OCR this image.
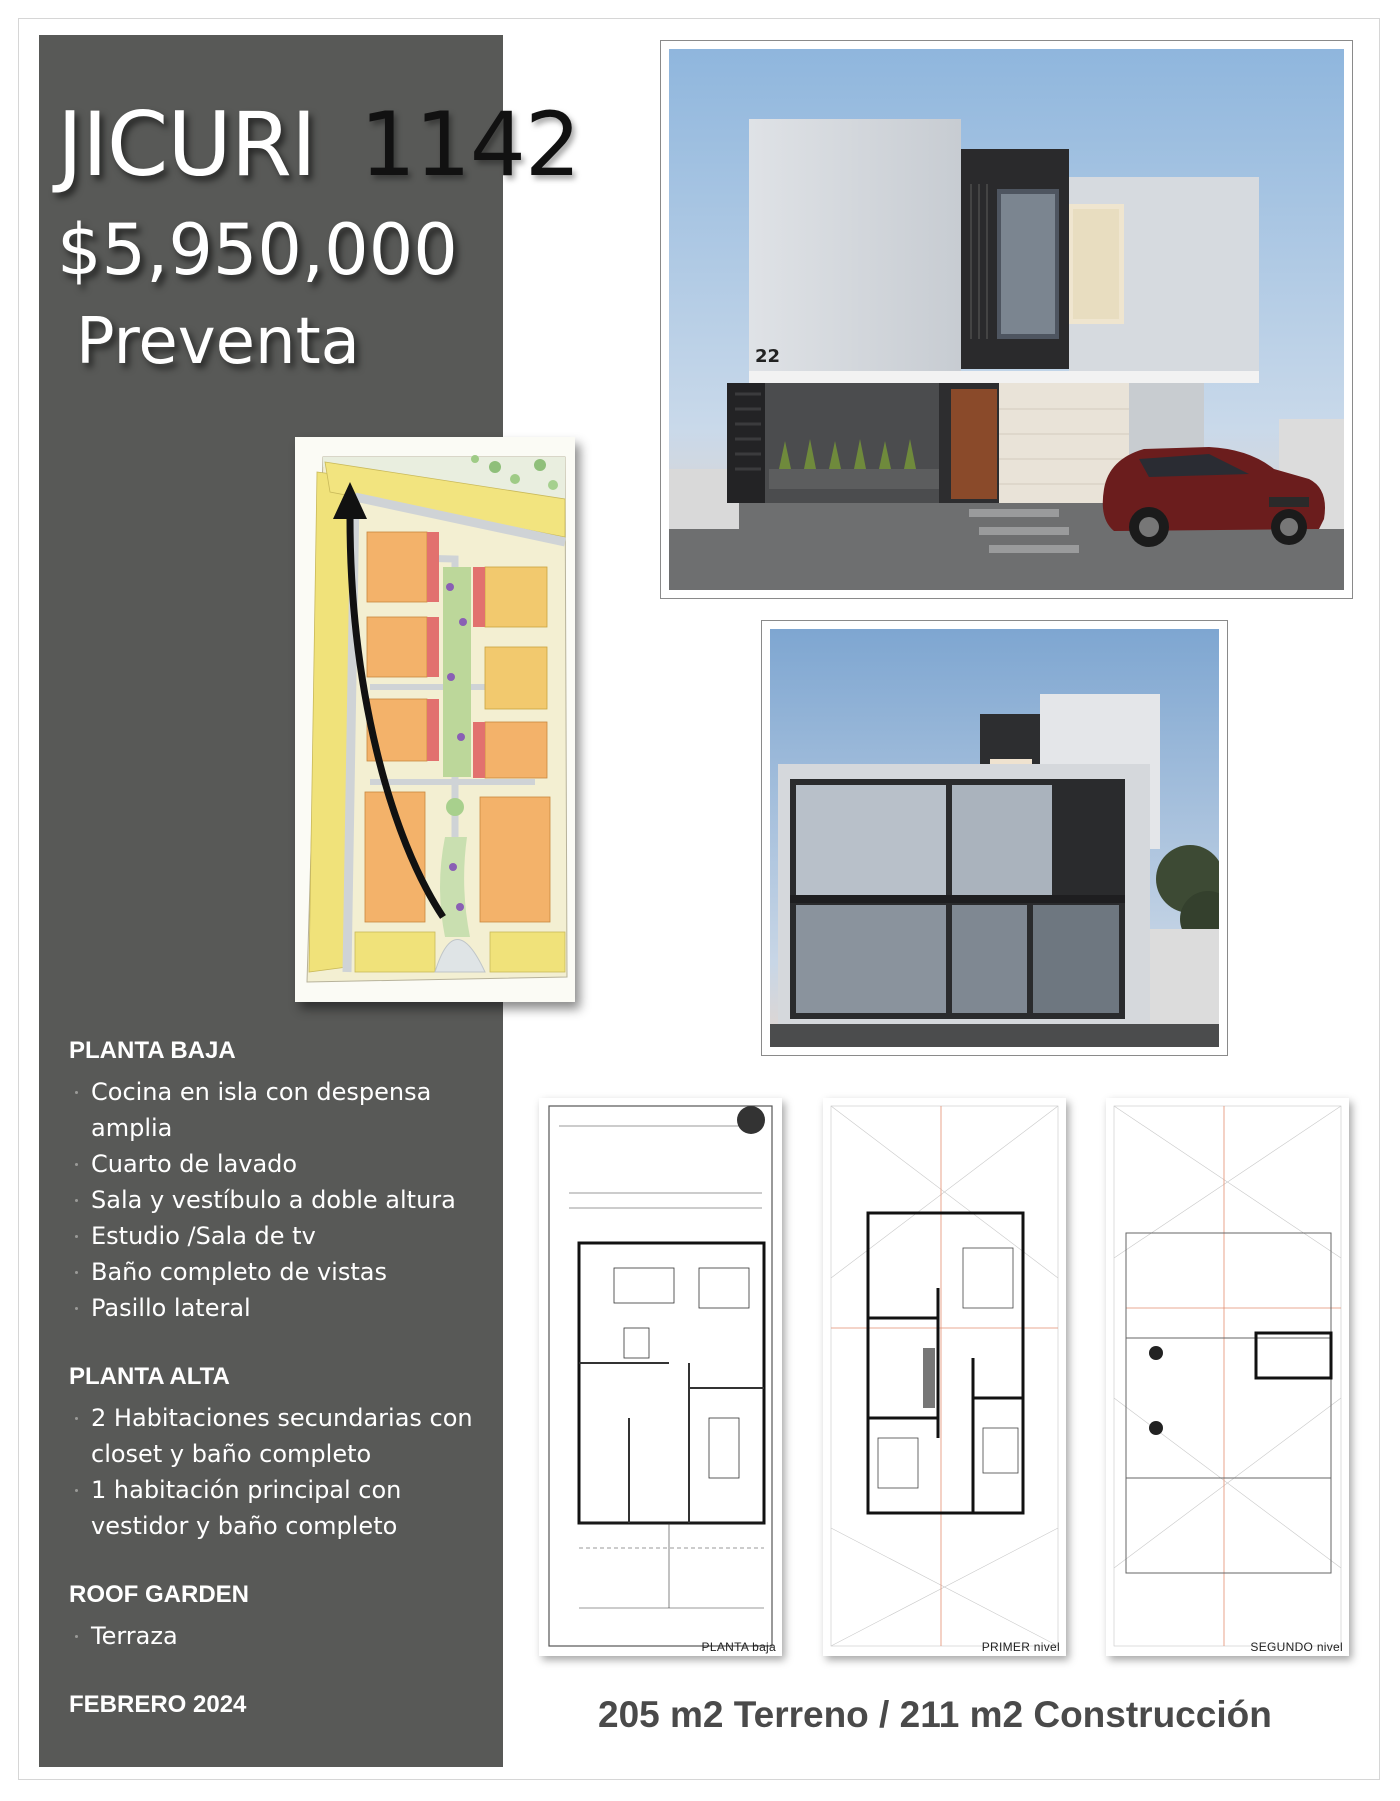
JICURI 1142
$5,950,000
Preventa
PLANTA BAJA
Cocina en isla con despensa amplia
Cuarto de lavado
Sala y vestíbulo a doble altura
Estudio /Sala de tv
Baño completo de vistas
Pasillo lateral
PLANTA ALTA
2 Habitaciones secundarias con closet y baño completo
1 habitación principal con vestidor y baño completo
ROOF GARDEN
Terraza
FEBRERO 2024
22
PLANTA baja	PRIMER nivel	SEGUNDO nivel
205 m2 Terreno / 211 m2 Construcción
